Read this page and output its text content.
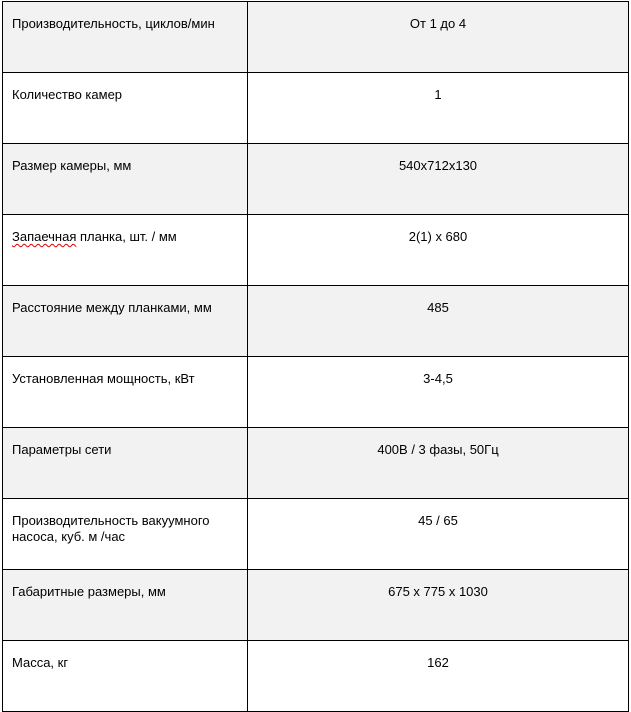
Производительность, циклов/мин	От 1 до 4
Количество камер	1
Размер камеры, мм	540x712x130
Запаечная планка, шт. / мм	2(1) x 680
Расстояние между планками, мм	485
Установленная мощность, кВт	3-4,5
Параметры сети	400В / 3 фазы, 50Гц
Производительность вакуумного насоса, куб. м /час	45 / 65
Габаритные размеры, мм	675 x 775 x 1030
Масса, кг	162
